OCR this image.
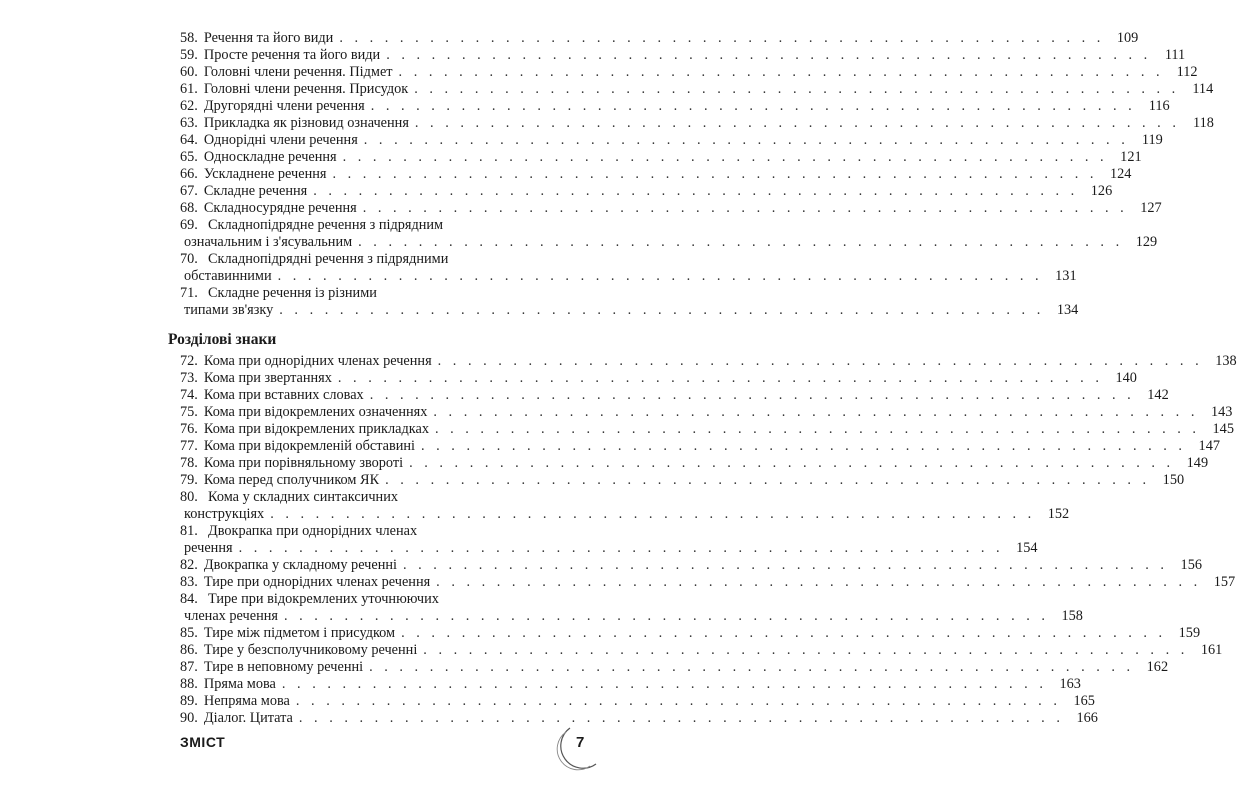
58. Речення та його види . . . . . . . . . . . . . . . . . . . . . . . . . . . . . . . . . . . . . . . . . . . . . . . . . . . 109
59. Просте речення та його види . . . . . . . . . . . . . . . . . . . . . . . . . . . . . . . . . . . . . . . . . . . . . . . . . . . 111
60. Головні члени речення. Підмет . . . . . . . . . . . . . . . . . . . . . . . . . . . . . . . . . . . . . . . . . . . . . . . . . . . 112
61. Головні члени речення. Присудок . . . . . . . . . . . . . . . . . . . . . . . . . . . . . . . . . . . . . . . . . . . . . . . . . . . 114
62. Другорядні члени речення . . . . . . . . . . . . . . . . . . . . . . . . . . . . . . . . . . . . . . . . . . . . . . . . . . . 116
63. Прикладка як різновид означення . . . . . . . . . . . . . . . . . . . . . . . . . . . . . . . . . . . . . . . . . . . . . . . . . . . 118
64. Однорідні члени речення . . . . . . . . . . . . . . . . . . . . . . . . . . . . . . . . . . . . . . . . . . . . . . . . . . . 119
65. Односкладне речення . . . . . . . . . . . . . . . . . . . . . . . . . . . . . . . . . . . . . . . . . . . . . . . . . . . 121
66. Ускладнене речення . . . . . . . . . . . . . . . . . . . . . . . . . . . . . . . . . . . . . . . . . . . . . . . . . . . 124
67. Складне речення . . . . . . . . . . . . . . . . . . . . . . . . . . . . . . . . . . . . . . . . . . . . . . . . . . . 126
68. Складносурядне речення . . . . . . . . . . . . . . . . . . . . . . . . . . . . . . . . . . . . . . . . . . . . . . . . . . . 127
69. Складнопідрядне речення з підрядним
означальним і з'ясувальним . . . . . . . . . . . . . . . . . . . . . . . . . . . . . . . . . . . . . . . . . . . . . . . . . . . 129
70. Складнопідрядні речення з підрядними
обставинними . . . . . . . . . . . . . . . . . . . . . . . . . . . . . . . . . . . . . . . . . . . . . . . . . . . 131
71. Складне речення із різними
типами зв'язку . . . . . . . . . . . . . . . . . . . . . . . . . . . . . . . . . . . . . . . . . . . . . . . . . . . 134
Розділові знаки
72. Кома при однорідних членах речення . . . . . . . . . . . . . . . . . . . . . . . . . . . . . . . . . . . . . . . . . . . . . . . . . . . 138
73. Кома при звертаннях . . . . . . . . . . . . . . . . . . . . . . . . . . . . . . . . . . . . . . . . . . . . . . . . . . . 140
74. Кома при вставних словах . . . . . . . . . . . . . . . . . . . . . . . . . . . . . . . . . . . . . . . . . . . . . . . . . . . 142
75. Кома при відокремлених означеннях . . . . . . . . . . . . . . . . . . . . . . . . . . . . . . . . . . . . . . . . . . . . . . . . . . . 143
76. Кома при відокремлених прикладках . . . . . . . . . . . . . . . . . . . . . . . . . . . . . . . . . . . . . . . . . . . . . . . . . . . 145
77. Кома при відокремленій обставині . . . . . . . . . . . . . . . . . . . . . . . . . . . . . . . . . . . . . . . . . . . . . . . . . . . 147
78. Кома при порівняльному звороті . . . . . . . . . . . . . . . . . . . . . . . . . . . . . . . . . . . . . . . . . . . . . . . . . . . 149
79. Кома перед сполучником ЯК . . . . . . . . . . . . . . . . . . . . . . . . . . . . . . . . . . . . . . . . . . . . . . . . . . . 150
80. Кома у складних синтаксичних
конструкціях . . . . . . . . . . . . . . . . . . . . . . . . . . . . . . . . . . . . . . . . . . . . . . . . . . . 152
81. Двокрапка при однорідних членах
речення . . . . . . . . . . . . . . . . . . . . . . . . . . . . . . . . . . . . . . . . . . . . . . . . . . . 154
82. Двокрапка у складному реченні . . . . . . . . . . . . . . . . . . . . . . . . . . . . . . . . . . . . . . . . . . . . . . . . . . . 156
83. Тире при однорідних членах речення . . . . . . . . . . . . . . . . . . . . . . . . . . . . . . . . . . . . . . . . . . . . . . . . . . . 157
84. Тире при відокремлених уточнюючих
членах речення . . . . . . . . . . . . . . . . . . . . . . . . . . . . . . . . . . . . . . . . . . . . . . . . . . . 158
85. Тире між підметом і присудком . . . . . . . . . . . . . . . . . . . . . . . . . . . . . . . . . . . . . . . . . . . . . . . . . . . 159
86. Тире у безсполучниковому реченні . . . . . . . . . . . . . . . . . . . . . . . . . . . . . . . . . . . . . . . . . . . . . . . . . . . 161
87. Тире в неповному реченні . . . . . . . . . . . . . . . . . . . . . . . . . . . . . . . . . . . . . . . . . . . . . . . . . . . 162
88. Пряма мова . . . . . . . . . . . . . . . . . . . . . . . . . . . . . . . . . . . . . . . . . . . . . . . . . . . 163
89. Непряма мова . . . . . . . . . . . . . . . . . . . . . . . . . . . . . . . . . . . . . . . . . . . . . . . . . . . 165
90. Діалог. Цитата . . . . . . . . . . . . . . . . . . . . . . . . . . . . . . . . . . . . . . . . . . . . . . . . . . . 166
ЗМІСТ	7
